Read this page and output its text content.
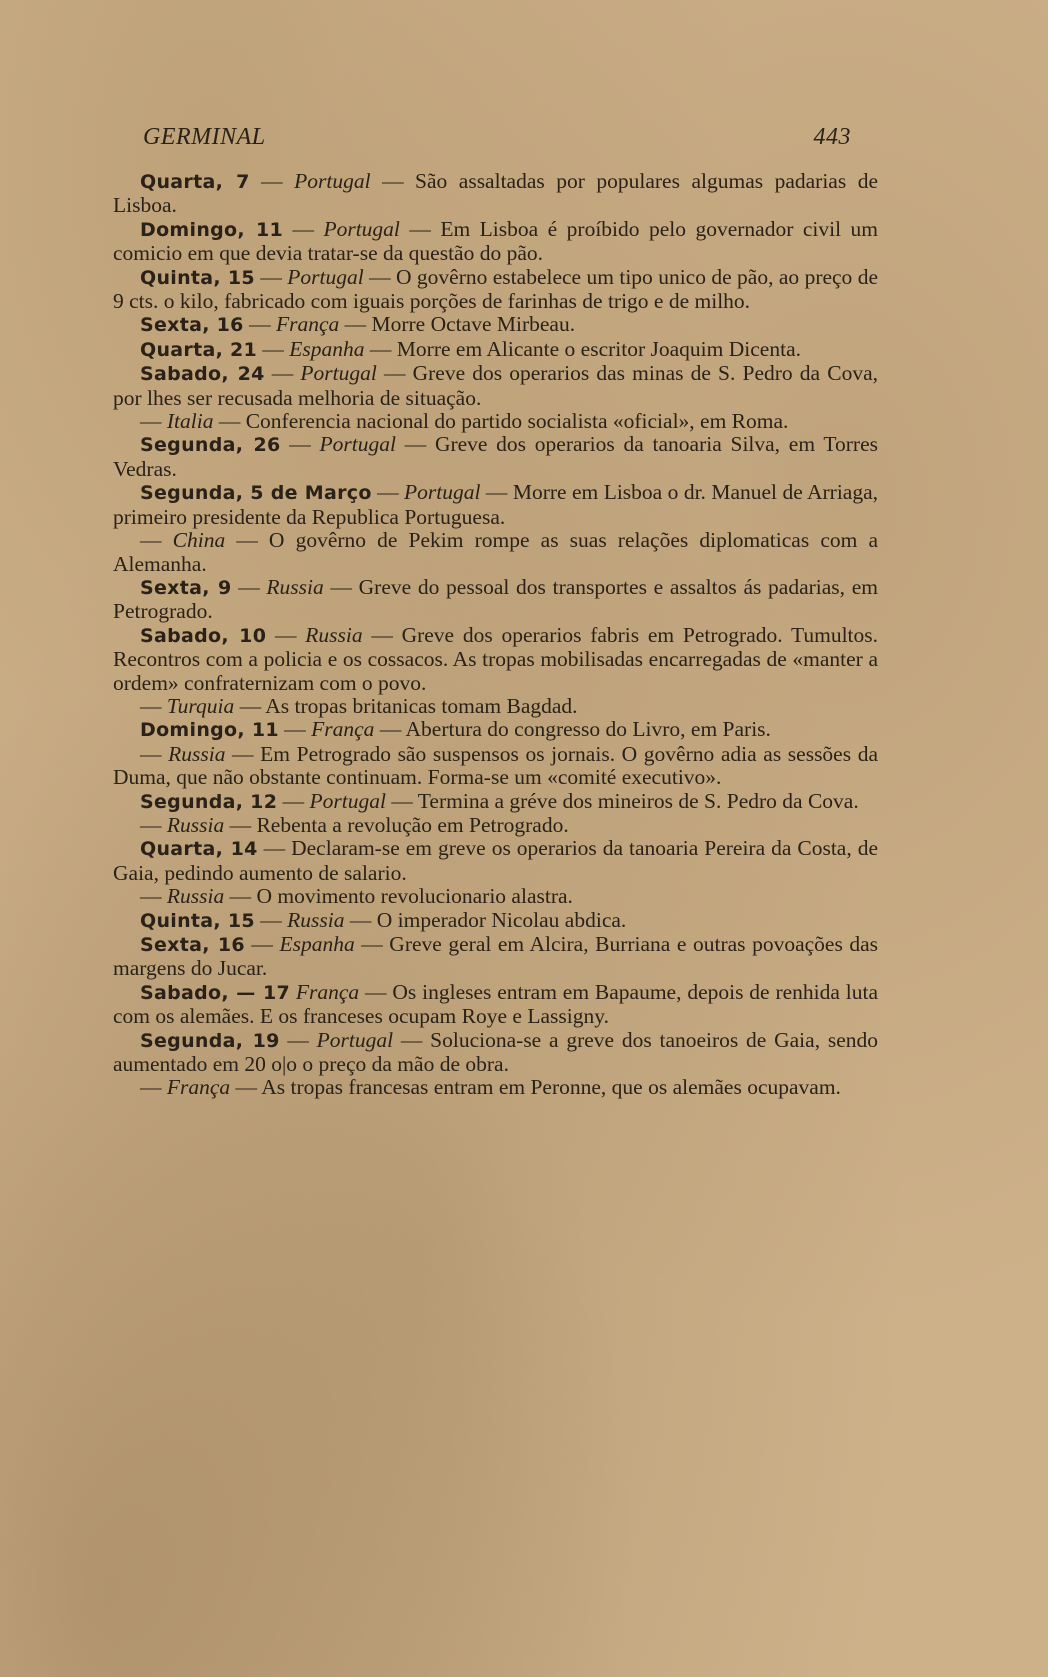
GERMINAL	443

Quarta, 7 — Portugal — São assaltadas por populares algumas padarias de Lisboa.

Domingo, 11 — Portugal — Em Lisboa é proíbido pelo governador civil um comicio em que devia tratar-se da questão do pão.

Quinta, 15 — Portugal — O govêrno estabelece um tipo unico de pão, ao preço de 9 cts. o kilo, fabricado com iguais porções de farinhas de trigo e de milho.

Sexta, 16 — França — Morre Octave Mirbeau.

Quarta, 21 — Espanha — Morre em Alicante o escritor Joaquim Dicenta.

Sabado, 24 — Portugal — Greve dos operarios das minas de S. Pedro da Cova, por lhes ser recusada melhoria de situação.

— Italia — Conferencia nacional do partido socialista «oficial», em Roma.

Segunda, 26 — Portugal — Greve dos operarios da tanoaria Silva, em Torres Vedras.

Segunda, 5 de Março — Portugal — Morre em Lisboa o dr. Manuel de Arriaga, primeiro presidente da Republica Portuguesa.

— China — O govêrno de Pekim rompe as suas relações diplomaticas com a Alemanha.

Sexta, 9 — Russia — Greve do pessoal dos transportes e assaltos ás padarias, em Petrogrado.

Sabado, 10 — Russia — Greve dos operarios fabris em Petrogrado. Tumultos. Recontros com a policia e os cossacos. As tropas mobilisadas encarregadas de «manter a ordem» confraternizam com o povo.

— Turquia — As tropas britanicas tomam Bagdad.

Domingo, 11 — França — Abertura do congresso do Livro, em Paris.

— Russia — Em Petrogrado são suspensos os jornais. O govêrno adia as sessões da Duma, que não obstante continuam. Forma-se um «comité executivo».

Segunda, 12 — Portugal — Termina a gréve dos mineiros de S. Pedro da Cova.

— Russia — Rebenta a revolução em Petrogrado.

Quarta, 14 — Declaram-se em greve os operarios da tanoaria Pereira da Costa, de Gaia, pedindo aumento de salario.

— Russia — O movimento revolucionario alastra.

Quinta, 15 — Russia — O imperador Nicolau abdica.

Sexta, 16 — Espanha — Greve geral em Alcira, Burriana e outras povoações das margens do Jucar.

Sabado, — 17 França — Os ingleses entram em Bapaume, depois de renhida luta com os alemães. E os franceses ocupam Roye e Lassigny.

Segunda, 19 — Portugal — Soluciona-se a greve dos tanoeiros de Gaia, sendo aumentado em 20 o|o o preço da mão de obra.

— França — As tropas francesas entram em Peronne, que os alemães ocupavam.
